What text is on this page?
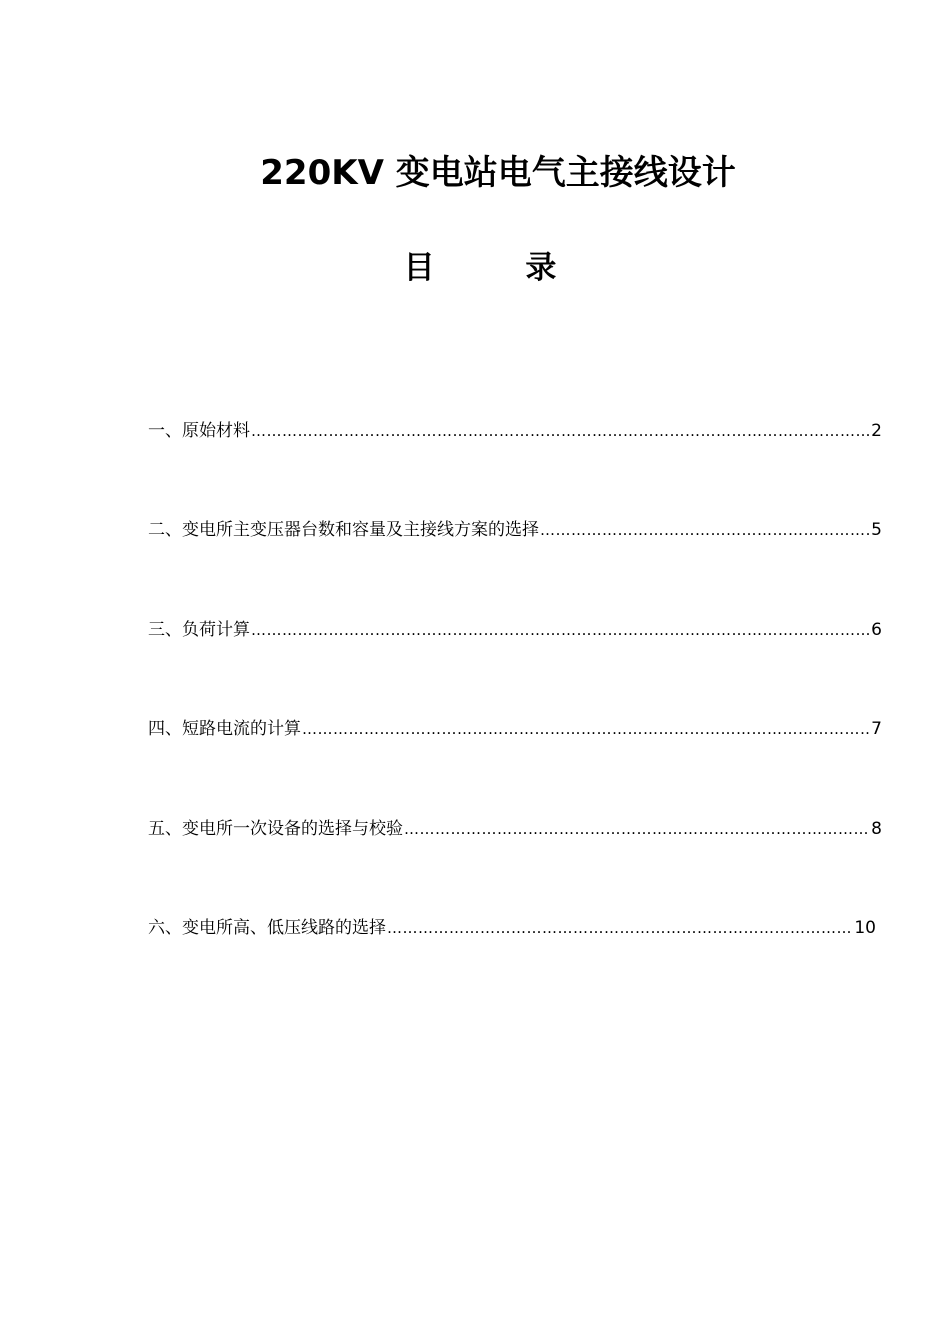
220KV 变电站电气主接线设计
目 录
一、原始材料 ……………………………………………………………………………………………………………………………………………………………………………………………………	2
二、变电所主变压器台数和容量及主接线方案的选择 ……………………………………………………………………………………………………………………………………………………………………………………………………	5
三、负荷计算 ……………………………………………………………………………………………………………………………………………………………………………………………………	6
四、短路电流的计算 ……………………………………………………………………………………………………………………………………………………………………………………………………	7
五、变电所一次设备的选择与校验 ……………………………………………………………………………………………………………………………………………………………………………………………………	8
六、变电所高、低压线路的选择 ……………………………………………………………………………………………………………………………………………………………………………………………………	10
